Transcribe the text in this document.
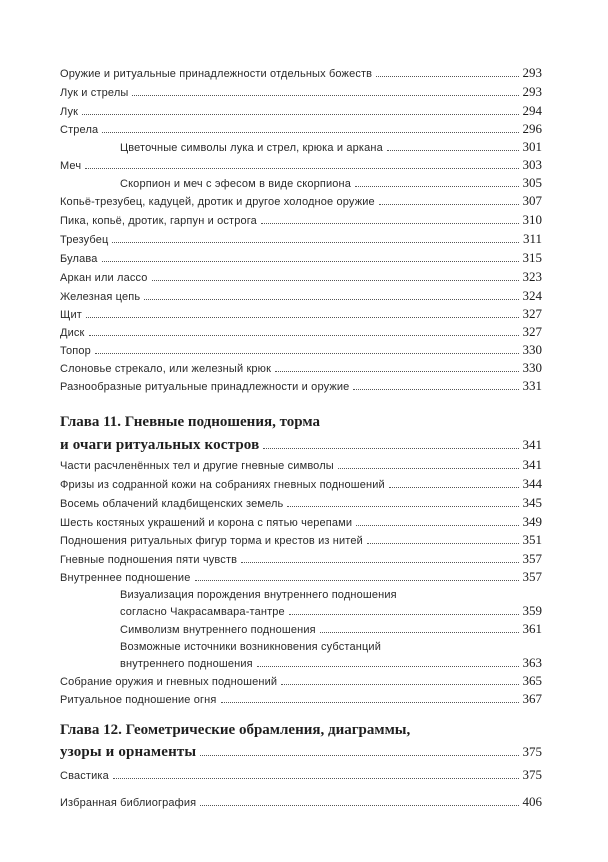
Оружие и ритуальные принадлежности отдельных божеств	293
Лук и стрелы	293
Лук	294
Стрела	296
Цветочные символы лука и стрел, крюка и аркана	301
Меч	303
Скорпион и меч с эфесом в виде скорпиона	305
Копьё-трезубец, кадуцей, дротик и другое холодное оружие	307
Пика, копьё, дротик, гарпун и острога	310
Трезубец	311
Булава	315
Аркан или лассо	323
Железная цепь	324
Щит	327
Диск	327
Топор	330
Слоновье стрекало, или железный крюк	330
Разнообразные ритуальные принадлежности и оружие	331
Глава 11. Гневные подношения, торма
и очаги ритуальных костров	341
Части расчленённых тел и другие гневные символы	341
Фризы из содранной кожи на собраниях гневных подношений	344
Восемь облачений кладбищенских земель	345
Шесть костяных украшений и корона с пятью черепами	349
Подношения ритуальных фигур торма и крестов из нитей	351
Гневные подношения пяти чувств	357
Внутреннее подношение	357
Визуализация порождения внутреннего подношения
согласно Чакрасамвара-тантре	359
Символизм внутреннего подношения	361
Возможные источники возникновения субстанций
внутреннего подношения	363
Собрание оружия и гневных подношений	365
Ритуальное подношение огня	367
Глава 12. Геометрические обрамления, диаграммы,
узоры и орнаменты	375
Свастика	375
Избранная библиография	406
